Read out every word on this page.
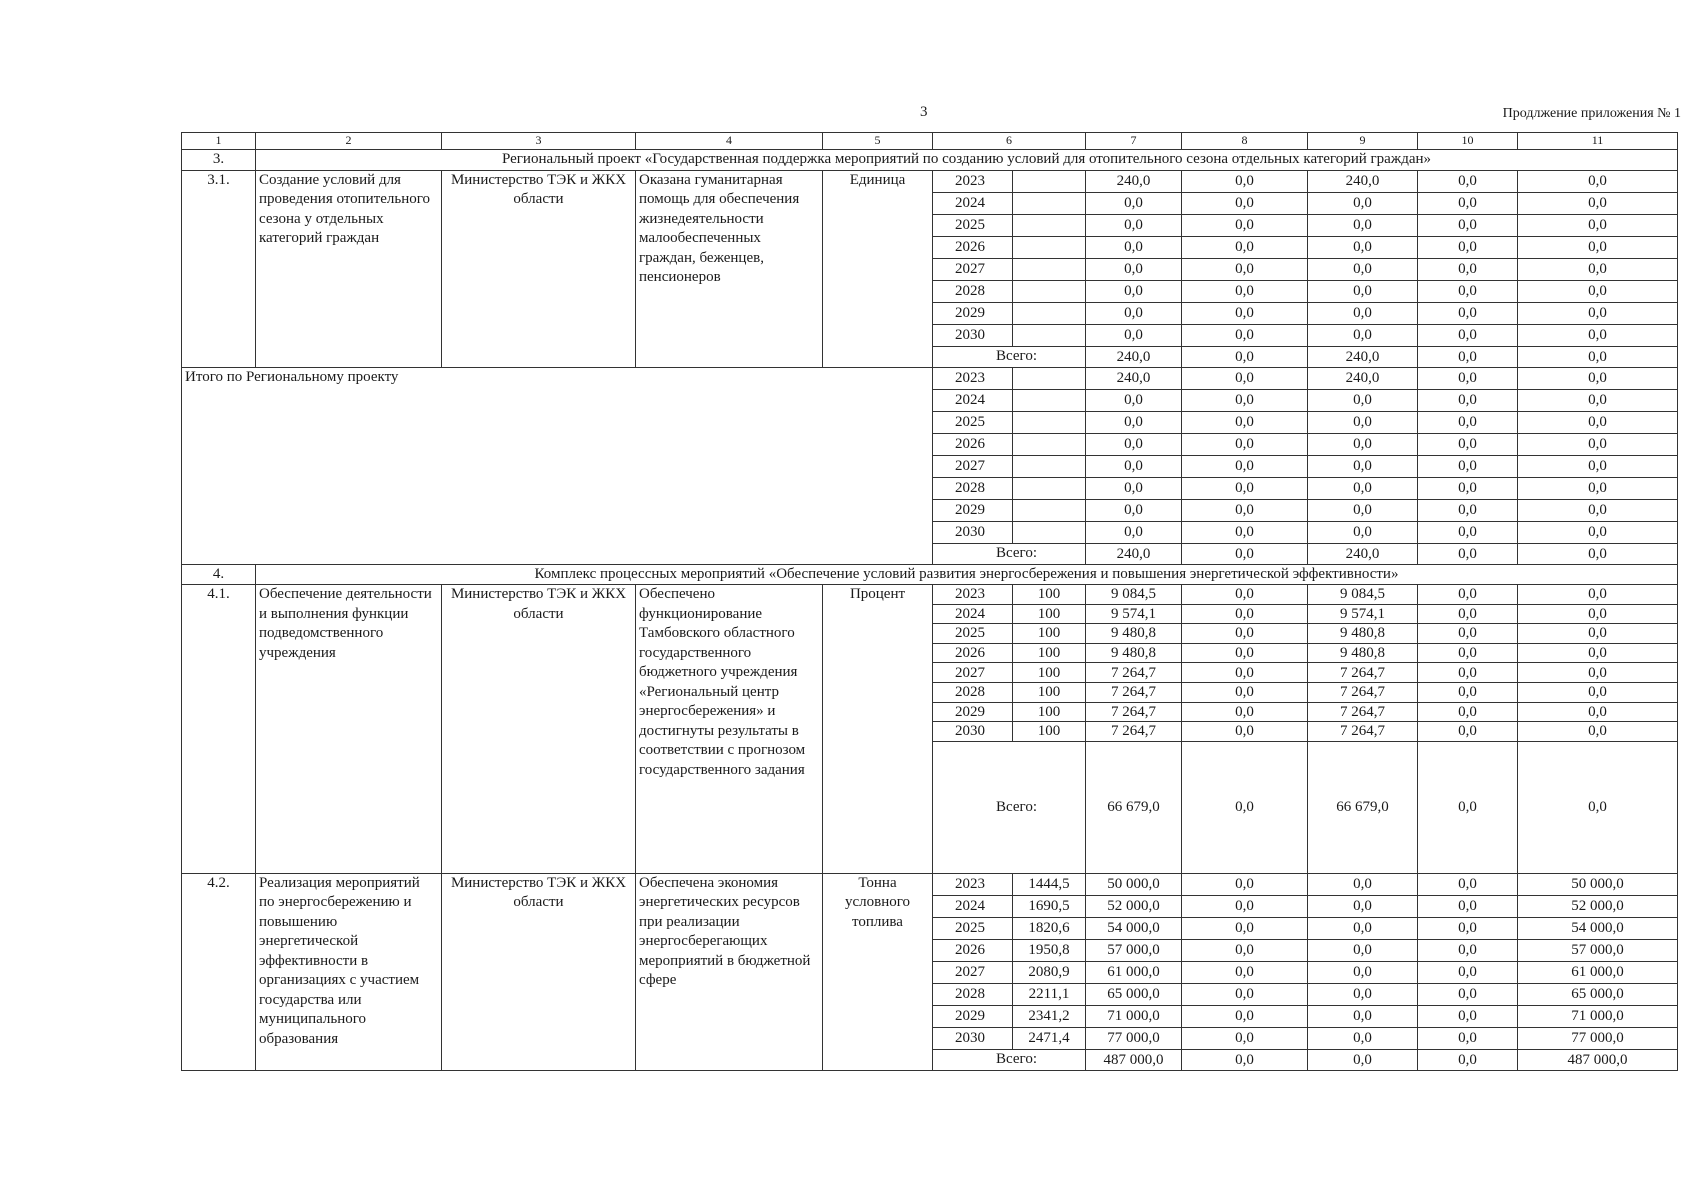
3	Продлжение приложения № 1
1	2	3	4	5	6		7	8	9	10	11
3.	Региональный проект «Государственная поддержка мероприятий по созданию условий для отопительного сезона отдельных категорий граждан»										
3.1.	Создание условий для проведения отопительного сезона у отдельных категорий граждан	Министерство ТЭК и ЖКХ области	Оказана гуманитарная помощь для обеспечения жизнедеятельности малообеспеченных граждан, беженцев, пенсионеров	Единица	2023		240,0	0,0	240,0	0,0	0,0
					2024		0,0	0,0	0,0	0,0	0,0
					2025		0,0	0,0	0,0	0,0	0,0
					2026		0,0	0,0	0,0	0,0	0,0
					2027		0,0	0,0	0,0	0,0	0,0
					2028		0,0	0,0	0,0	0,0	0,0
					2029		0,0	0,0	0,0	0,0	0,0
					2030		0,0	0,0	0,0	0,0	0,0
					Всего:		240,0	0,0	240,0	0,0	0,0
Итого по Региональному проекту					2023		240,0	0,0	240,0	0,0	0,0
					2024		0,0	0,0	0,0	0,0	0,0
					2025		0,0	0,0	0,0	0,0	0,0
					2026		0,0	0,0	0,0	0,0	0,0
					2027		0,0	0,0	0,0	0,0	0,0
					2028		0,0	0,0	0,0	0,0	0,0
					2029		0,0	0,0	0,0	0,0	0,0
					2030		0,0	0,0	0,0	0,0	0,0
					Всего:		240,0	0,0	240,0	0,0	0,0
4.	Комплекс процессных мероприятий «Обеспечение условий развития энергосбережения и повышения энергетической эффективности»										
4.1.	Обеспечение деятельности и выполнения функции подведомственного учреждения	Министерство ТЭК и ЖКХ области	Обеспечено функционирование Тамбовского областного государственного бюджетного учреждения «Региональный центр энергосбережения» и достигнуты результаты в соответствии с прогнозом государственного задания	Процент	2023	100	9 084,5	0,0	9 084,5	0,0	0,0
					2024	100	9 574,1	0,0	9 574,1	0,0	0,0
					2025	100	9 480,8	0,0	9 480,8	0,0	0,0
					2026	100	9 480,8	0,0	9 480,8	0,0	0,0
					2027	100	7 264,7	0,0	7 264,7	0,0	0,0
					2028	100	7 264,7	0,0	7 264,7	0,0	0,0
					2029	100	7 264,7	0,0	7 264,7	0,0	0,0
					2030	100	7 264,7	0,0	7 264,7	0,0	0,0
					Всего:		66 679,0	0,0	66 679,0	0,0	0,0
4.2.	Реализация мероприятий по энергосбережению и повышению энергетической эффективности в организациях с участием государства или муниципального образования	Министерство ТЭК и ЖКХ области	Обеспечена экономия энергетических ресурсов при реализации энергосберегающих мероприятий в бюджетной сфере	Тонна условного топлива	2023	1444,5	50 000,0	0,0	0,0	0,0	50 000,0
					2024	1690,5	52 000,0	0,0	0,0	0,0	52 000,0
					2025	1820,6	54 000,0	0,0	0,0	0,0	54 000,0
					2026	1950,8	57 000,0	0,0	0,0	0,0	57 000,0
					2027	2080,9	61 000,0	0,0	0,0	0,0	61 000,0
					2028	2211,1	65 000,0	0,0	0,0	0,0	65 000,0
					2029	2341,2	71 000,0	0,0	0,0	0,0	71 000,0
					2030	2471,4	77 000,0	0,0	0,0	0,0	77 000,0
					Всего:		487 000,0	0,0	0,0	0,0	487 000,0
